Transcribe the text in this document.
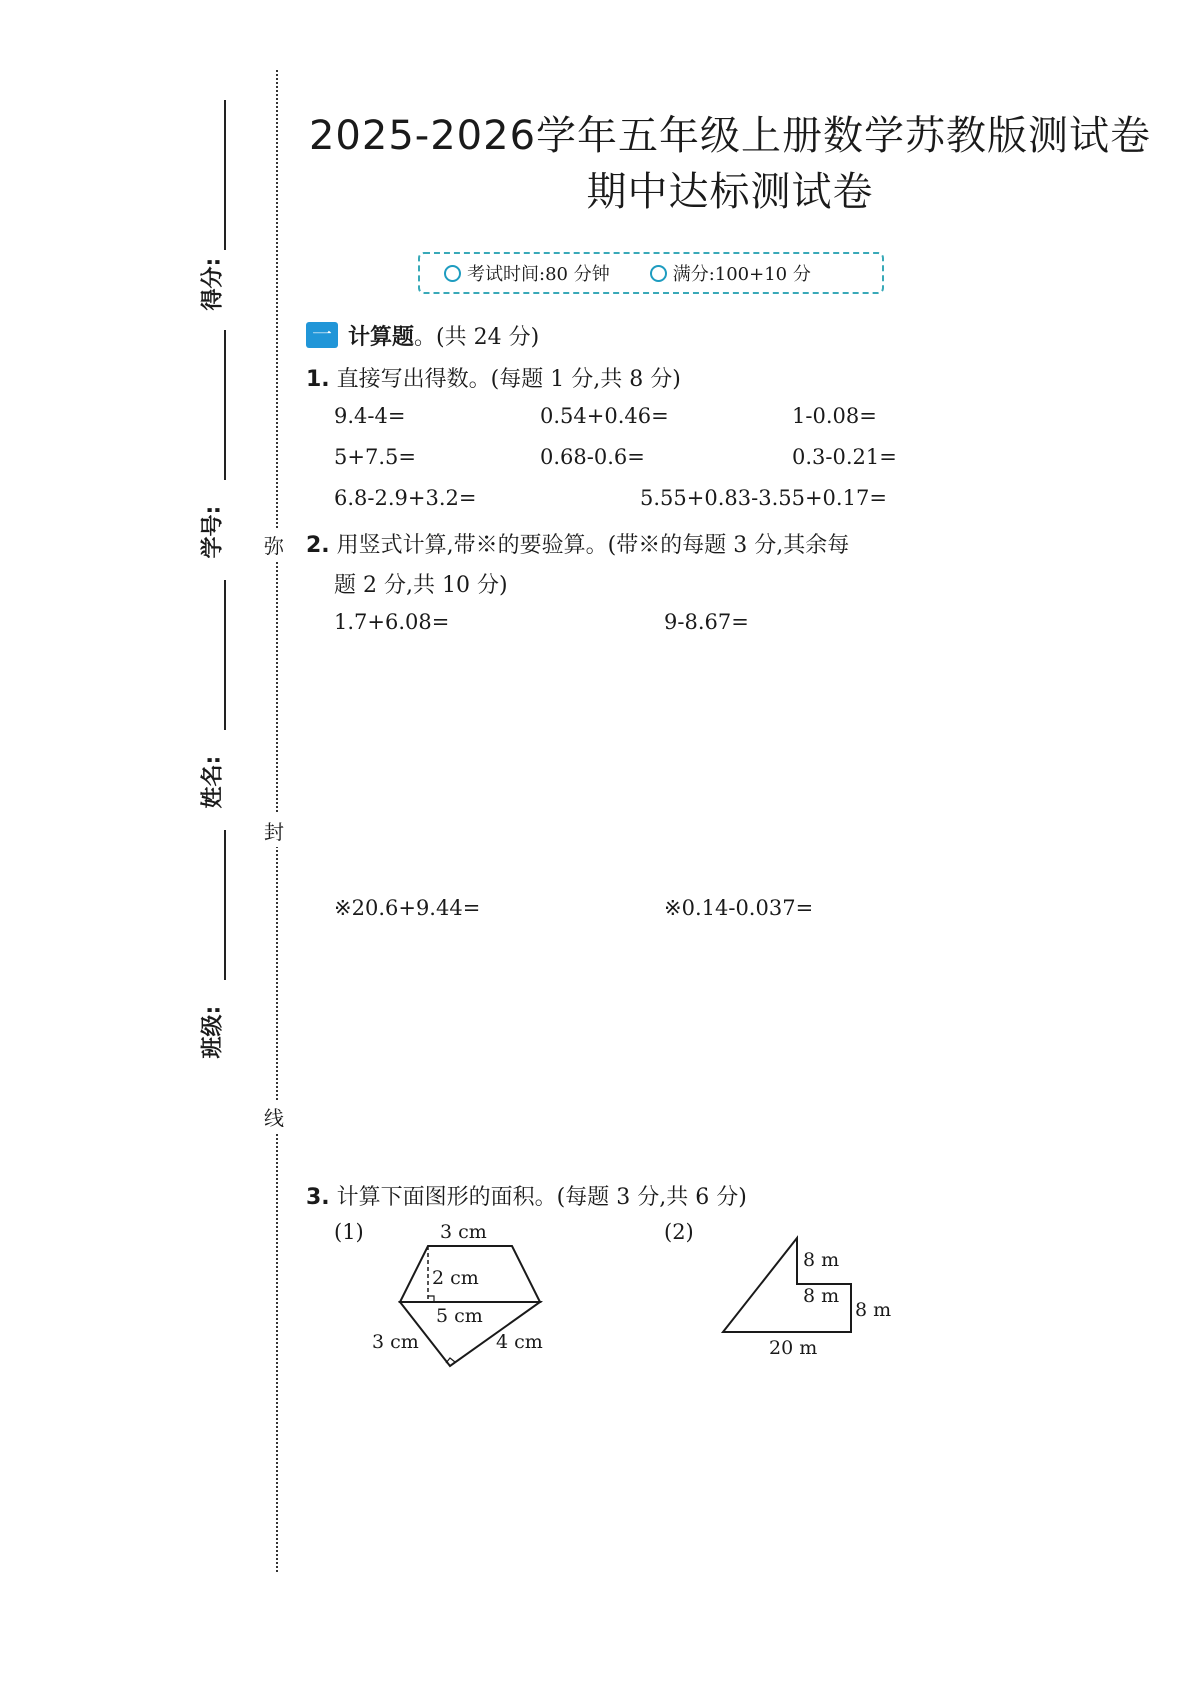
得分:
学号:
姓名:
班级:
弥
封
线
2025-2026学年五年级上册数学苏教版测试卷
期中达标测试卷
考试时间:80 分钟	满分:100+10 分
一 计算题。(共 24 分)
1. 直接写出得数。(每题 1 分,共 8 分)
9.4-4=	0.54+0.46=	1-0.08=
5+7.5=	0.68-0.6=	0.3-0.21=
6.8-2.9+3.2=	5.55+0.83-3.55+0.17=
2. 用竖式计算,带※的要验算。(带※的每题 3 分,其余每
题 2 分,共 10 分)
1.7+6.08=	9-8.67=
※20.6+9.44=	※0.14-0.037=
3. 计算下面图形的面积。(每题 3 分,共 6 分)
(1)	(2)
3 cm
2 cm
5 cm
3 cm	4 cm
8 m
8 m
8 m
20 m
